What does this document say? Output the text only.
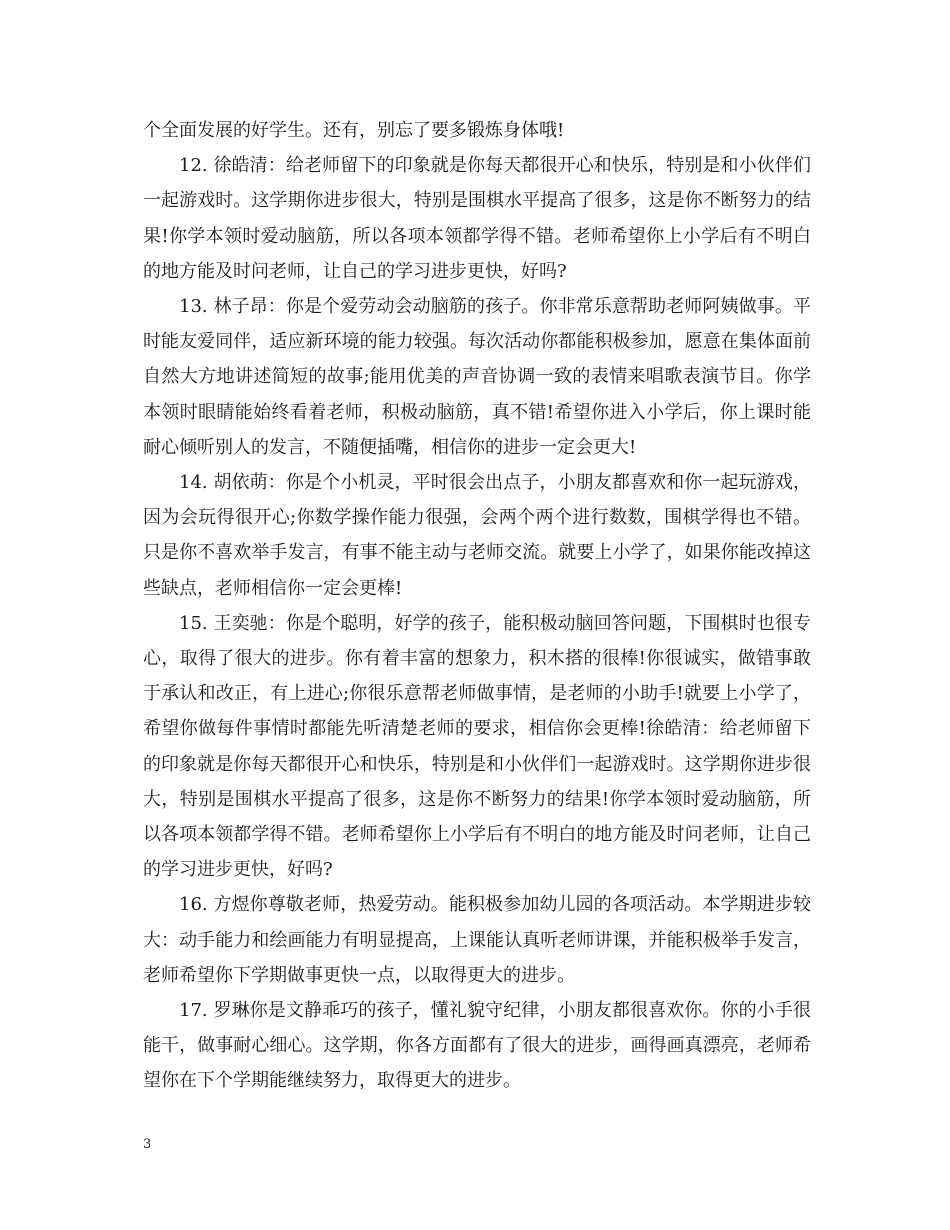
个全面发展的好学生。还有，别忘了要多锻炼身体哦!

12. 徐皓清：给老师留下的印象就是你每天都很开心和快乐，特别是和小伙伴们一起游戏时。这学期你进步很大，特别是围棋水平提高了很多，这是你不断努力的结果!你学本领时爱动脑筋，所以各项本领都学得不错。老师希望你上小学后有不明白的地方能及时问老师，让自己的学习进步更快，好吗?

13. 林子昂：你是个爱劳动会动脑筋的孩子。你非常乐意帮助老师阿姨做事。平时能友爱同伴，适应新环境的能力较强。每次活动你都能积极参加，愿意在集体面前自然大方地讲述简短的故事;能用优美的声音协调一致的表情来唱歌表演节目。你学本领时眼睛能始终看着老师，积极动脑筋，真不错!希望你进入小学后，你上课时能耐心倾听别人的发言，不随便插嘴，相信你的进步一定会更大!

14. 胡依萌：你是个小机灵，平时很会出点子，小朋友都喜欢和你一起玩游戏，因为会玩得很开心;你数学操作能力很强，会两个两个进行数数，围棋学得也不错。只是你不喜欢举手发言，有事不能主动与老师交流。就要上小学了，如果你能改掉这些缺点，老师相信你一定会更棒!

15. 王奕驰：你是个聪明，好学的孩子，能积极动脑回答问题，下围棋时也很专心，取得了很大的进步。你有着丰富的想象力，积木搭的很棒!你很诚实，做错事敢于承认和改正，有上进心;你很乐意帮老师做事情，是老师的小助手!就要上小学了，希望你做每件事情时都能先听清楚老师的要求，相信你会更棒!徐皓清：给老师留下的印象就是你每天都很开心和快乐，特别是和小伙伴们一起游戏时。这学期你进步很大，特别是围棋水平提高了很多，这是你不断努力的结果!你学本领时爱动脑筋，所以各项本领都学得不错。老师希望你上小学后有不明白的地方能及时问老师，让自己的学习进步更快，好吗?

16. 方煜你尊敬老师，热爱劳动。能积极参加幼儿园的各项活动。本学期进步较大：动手能力和绘画能力有明显提高，上课能认真听老师讲课，并能积极举手发言，老师希望你下学期做事更快一点，以取得更大的进步。

17. 罗琳你是文静乖巧的孩子，懂礼貌守纪律，小朋友都很喜欢你。你的小手很能干，做事耐心细心。这学期，你各方面都有了很大的进步，画得画真漂亮，老师希望你在下个学期能继续努力，取得更大的进步。

3
